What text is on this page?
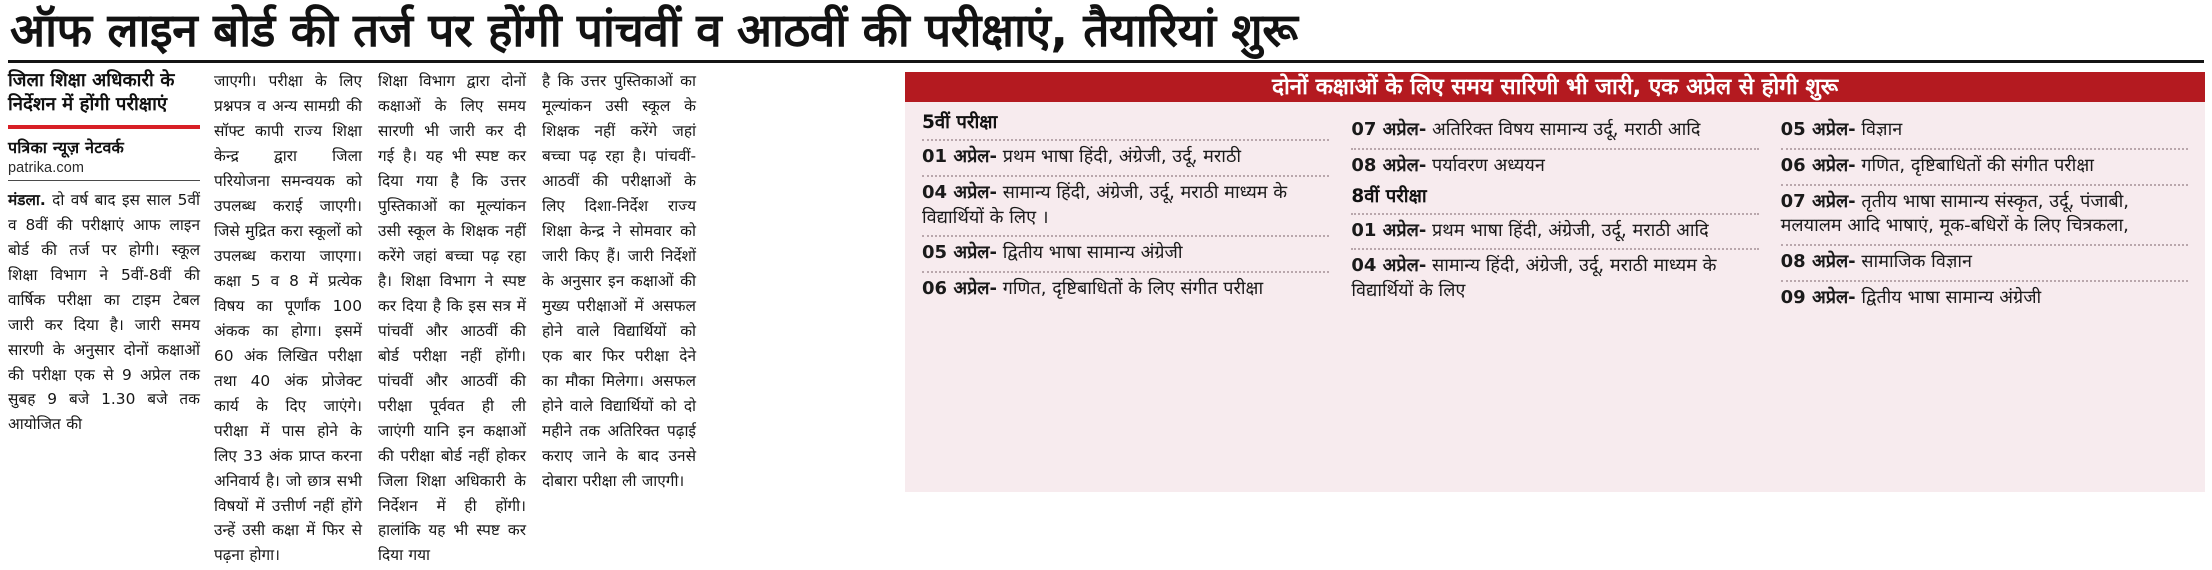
ऑफ लाइन बोर्ड की तर्ज पर होंगी पांचवीं व आठवीं की परीक्षाएं, तैयारियां शुरू
जिला शिक्षा अधिकारी के निर्देशन में होंगी परीक्षाएं
पत्रिका न्यूज़ नेटवर्क
patrika.com
मंडला. दो वर्ष बाद इस साल 5वीं व 8वीं की परीक्षाएं आफ लाइन बोर्ड की तर्ज पर होगी। स्कूल शिक्षा विभाग ने 5वीं-8वीं की वार्षिक परीक्षा का टाइम टेबल जारी कर दिया है। जारी समय सारणी के अनुसार दोनों कक्षाओं की परीक्षा एक से 9 अप्रेल तक सुबह 9 बजे 1.30 बजे तक आयोजित की
जाएगी। परीक्षा के लिए प्रश्नपत्र व अन्य सामग्री की सॉफ्ट कापी राज्य शिक्षा केन्द्र द्वारा जिला परियोजना समन्वयक को उपलब्ध कराई जाएगी। जिसे मुद्रित करा स्कूलों को उपलब्ध कराया जाएगा। कक्षा 5 व 8 में प्रत्येक विषय का पूर्णांक 100 अंकक का होगा। इसमें 60 अंक लिखित परीक्षा तथा 40 अंक प्रोजेक्ट कार्य के दिए जाएंगे। परीक्षा में पास होने के लिए 33 अंक प्राप्त करना अनिवार्य है। जो छात्र सभी विषयों में उत्तीर्ण नहीं होंगे उन्हें उसी कक्षा में फिर से पढ़ना होगा।
शिक्षा विभाग द्वारा दोनों कक्षाओं के लिए समय सारणी भी जारी कर दी गई है। यह भी स्पष्ट कर दिया गया है कि उत्तर पुस्तिकाओं का मूल्यांकन उसी स्कूल के शिक्षक नहीं करेंगे जहां बच्चा पढ़ रहा है। शिक्षा विभाग ने स्पष्ट कर दिया है कि इस सत्र में पांचवीं और आठवीं की बोर्ड परीक्षा नहीं होंगी। पांचवीं और आठवीं की परीक्षा पूर्ववत ही ली जाएंगी यानि इन कक्षाओं की परीक्षा बोर्ड नहीं होकर जिला शिक्षा अधिकारी के निर्देशन में ही होंगी। हालांकि यह भी स्पष्ट कर दिया गया
है कि उत्तर पुस्तिकाओं का मूल्यांकन उसी स्कूल के शिक्षक नहीं करेंगे जहां बच्चा पढ़ रहा है। पांचवीं-आठवीं की परीक्षाओं के लिए दिशा-निर्देश राज्य शिक्षा केन्द्र ने सोमवार को जारी किए हैं। जारी निर्देशों के अनुसार इन कक्षाओं की मुख्य परीक्षाओं में असफल होने वाले विद्यार्थियों को एक बार फिर परीक्षा देने का मौका मिलेगा। असफल होने वाले विद्यार्थियों को दो महीने तक अतिरिक्त पढ़ाई कराए जाने के बाद उनसे दोबारा परीक्षा ली जाएगी।
दोनों कक्षाओं के लिए समय सारिणी भी जारी, एक अप्रेल से होगी शुरू
5वीं परीक्षा
01 अप्रेल- प्रथम भाषा हिंदी, अंग्रेजी, उर्दू, मराठी
04 अप्रेल- सामान्य हिंदी, अंग्रेजी, उर्दू, मराठी माध्यम के विद्यार्थियों के लिए ।
05 अप्रेल- द्वितीय भाषा सामान्य अंग्रेजी
06 अप्रेल- गणित, दृष्टिबाधितों के लिए संगीत परीक्षा
07 अप्रेल- अतिरिक्त विषय सामान्य उर्दू, मराठी आदि
08 अप्रेल- पर्यावरण अध्ययन
8वीं परीक्षा
01 अप्रेल- प्रथम भाषा हिंदी, अंग्रेजी, उर्दू, मराठी आदि
04 अप्रेल- सामान्य हिंदी, अंग्रेजी, उर्दू, मराठी माध्यम के विद्यार्थियों के लिए
05 अप्रेल- विज्ञान
06 अप्रेल- गणित, दृष्टिबाधितों की संगीत परीक्षा
07 अप्रेल- तृतीय भाषा सामान्य संस्कृत, उर्दू, पंजाबी, मलयालम आदि भाषाएं, मूक-बधिरों के लिए चित्रकला,
08 अप्रेल- सामाजिक विज्ञान
09 अप्रेल- द्वितीय भाषा सामान्य अंग्रेजी
